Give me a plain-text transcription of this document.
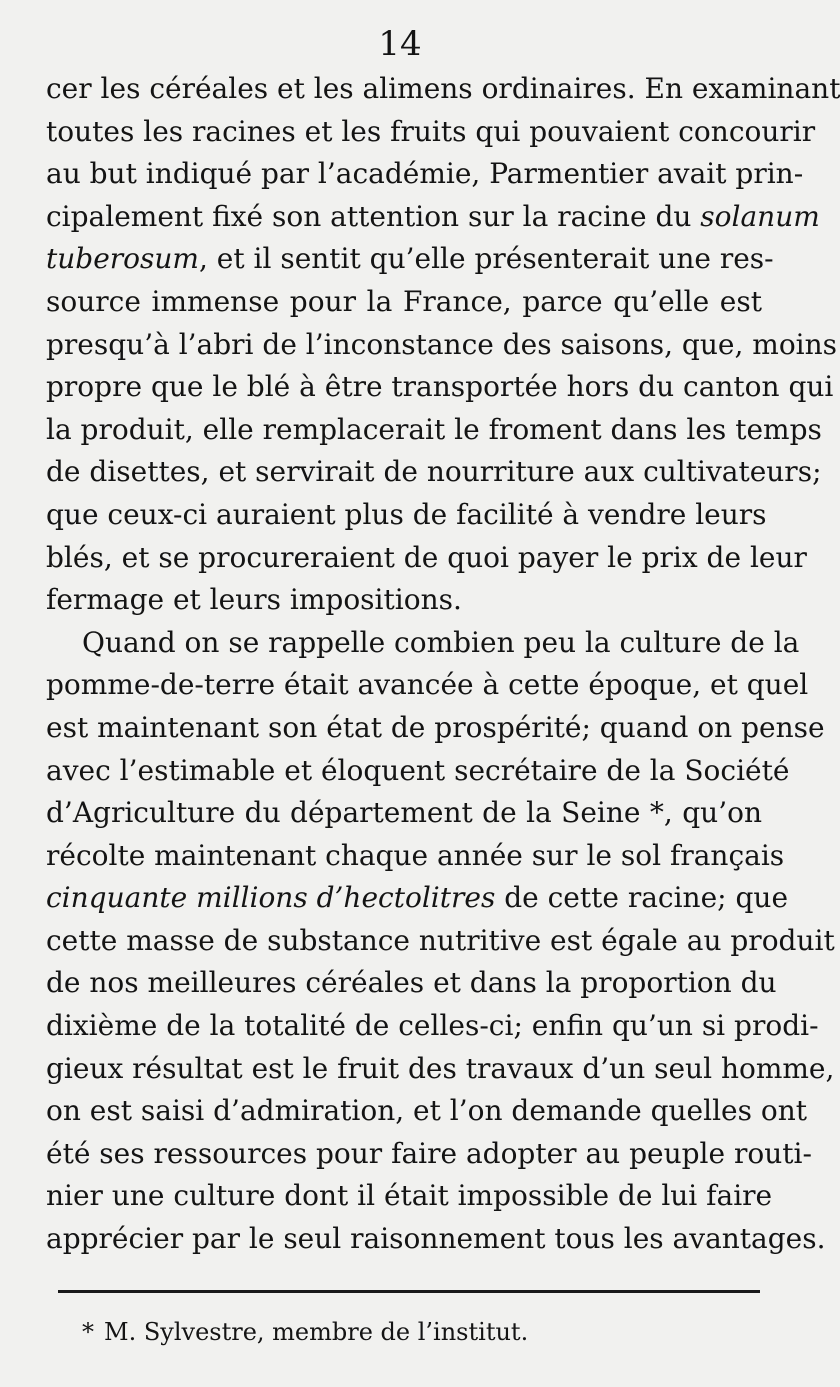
14
cer les céréales et les alimens ordinaires. En examinant
toutes les racines et les fruits qui pouvaient concourir
au but indiqué par l’académie, Parmentier avait prin-
cipalement fixé son attention sur la racine du solanum
tuberosum, et il sentit qu’elle présenterait une res-
source immense pour la France, parce qu’elle est
presqu’à l’abri de l’inconstance des saisons, que, moins
propre que le blé à être transportée hors du canton qui
la produit, elle remplacerait le froment dans les temps
de disettes, et servirait de nourriture aux cultivateurs;
que ceux-ci auraient plus de facilité à vendre leurs
blés, et se procureraient de quoi payer le prix de leur
fermage et leurs impositions.
Quand on se rappelle combien peu la culture de la
pomme-de-terre était avancée à cette époque, et quel
est maintenant son état de prospérité; quand on pense
avec l’estimable et éloquent secrétaire de la Société
d’Agriculture du département de la Seine *, qu’on
récolte maintenant chaque année sur le sol français
cinquante millions d’hectolitres de cette racine; que
cette masse de substance nutritive est égale au produit
de nos meilleures céréales et dans la proportion du
dixième de la totalité de celles-ci; enfin qu’un si prodi-
gieux résultat est le fruit des travaux d’un seul homme,
on est saisi d’admiration, et l’on demande quelles ont
été ses ressources pour faire adopter au peuple routi-
nier une culture dont il était impossible de lui faire
apprécier par le seul raisonnement tous les avantages.
* M. Sylvestre, membre de l’institut.
